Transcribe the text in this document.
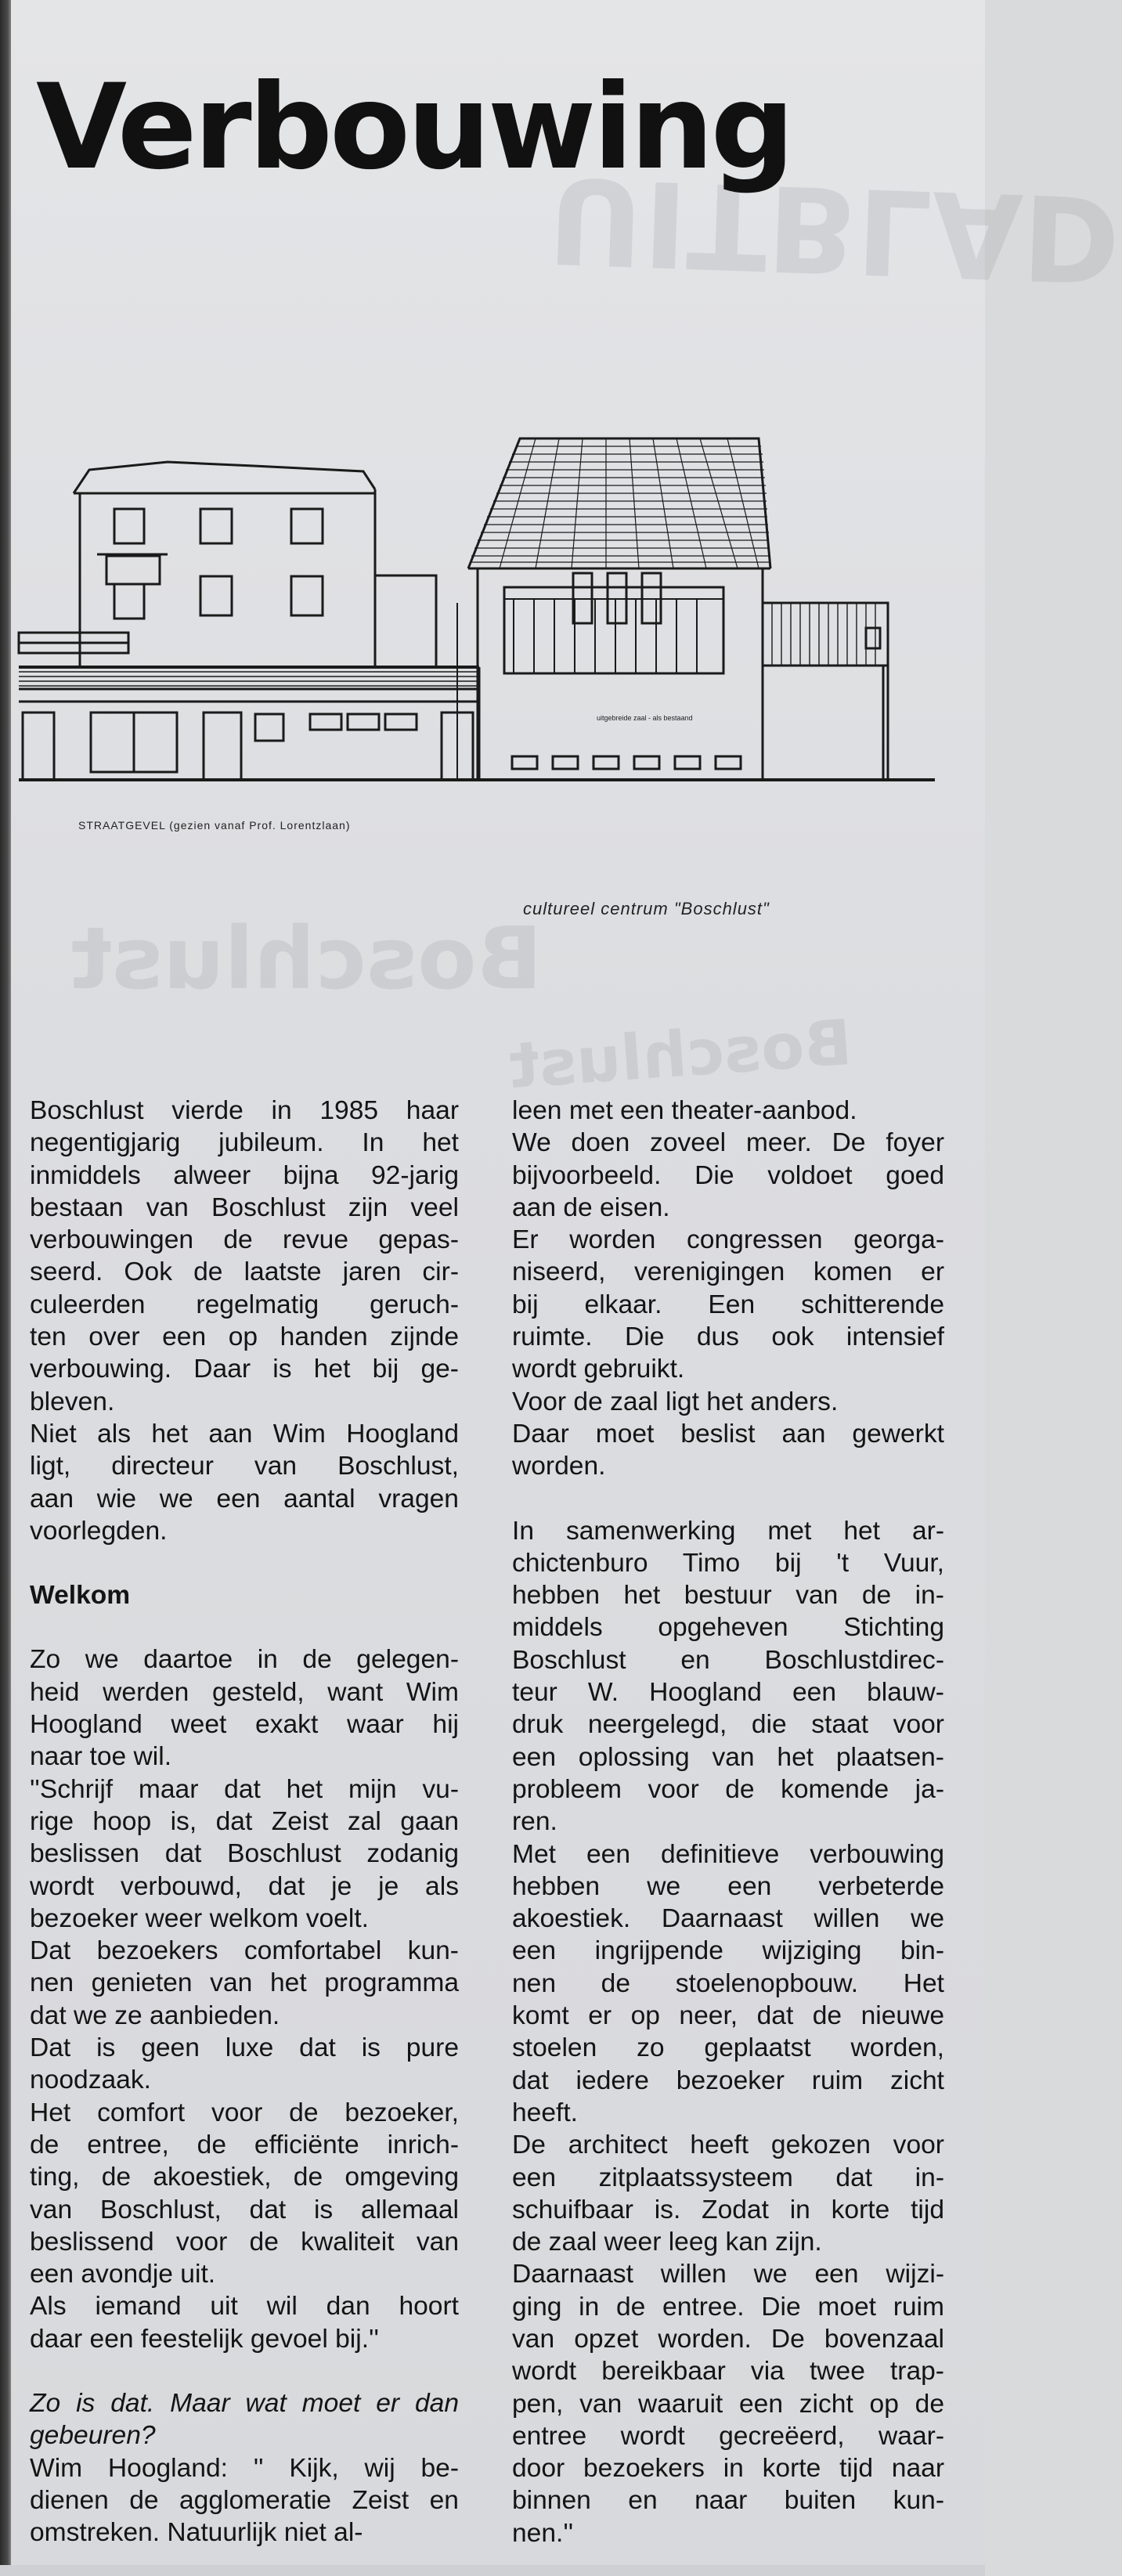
Verbouwing
uitgebreide zaal - als bestaand
STRAATGEVEL (gezien vanaf Prof. Lorentzlaan)
cultureel centrum "Boschlust"

Boschlust vierde in 1985 haar

negentigjarig jubileum. In het

inmiddels alweer bijna 92-jarig

bestaan van Boschlust zijn veel

verbouwingen de revue gepas-

seerd. Ook de laatste jaren cir-

culeerden regelmatig geruch-

ten over een op handen zijnde

verbouwing. Daar is het bij ge-

bleven.

Niet als het aan Wim Hoogland

ligt, directeur van Boschlust,

aan wie we een aantal vragen

voorlegden.

Welkom

Zo we daartoe in de gelegen-

heid werden gesteld, want Wim

Hoogland weet exakt waar hij

naar toe wil.

''Schrijf maar dat het mijn vu-

rige hoop is, dat Zeist zal gaan

beslissen dat Boschlust zodanig

wordt verbouwd, dat je je als

bezoeker weer welkom voelt.

Dat bezoekers comfortabel kun-

nen genieten van het programma

dat we ze aanbieden.

Dat is geen luxe dat is pure

noodzaak.

Het comfort voor de bezoeker,

de entree, de efficiënte inrich-

ting, de akoestiek, de omgeving

van Boschlust, dat is allemaal

beslissend voor de kwaliteit van

een avondje uit.

Als iemand uit wil dan hoort

daar een feestelijk gevoel bij.''

Zo is dat. Maar wat moet er dan

gebeuren?

Wim Hoogland: '' Kijk, wij be-

dienen de agglomeratie Zeist en

omstreken. Natuurlijk niet al-

leen met een theater-aanbod.

We doen zoveel meer. De foyer

bijvoorbeeld. Die voldoet goed

aan de eisen.

Er worden congressen georga-

niseerd, verenigingen komen er

bij elkaar. Een schitterende

ruimte. Die dus ook intensief

wordt gebruikt.

Voor de zaal ligt het anders.

Daar moet beslist aan gewerkt

worden.

In samenwerking met het ar-

chictenburo Timo bij 't Vuur,

hebben het bestuur van de in-

middels opgeheven Stichting

Boschlust en Boschlustdirec-

teur W. Hoogland een blauw-

druk neergelegd, die staat voor

een oplossing van het plaatsen-

probleem voor de komende ja-

ren.

Met een definitieve verbouwing

hebben we een verbeterde

akoestiek. Daarnaast willen we

een ingrijpende wijziging bin-

nen de stoelenopbouw. Het

komt er op neer, dat de nieuwe

stoelen zo geplaatst worden,

dat iedere bezoeker ruim zicht

heeft.

De architect heeft gekozen voor

een zitplaatssysteem dat in-

schuifbaar is. Zodat in korte tijd

de zaal weer leeg kan zijn.

Daarnaast willen we een wijzi-

ging in de entree. Die moet ruim

van opzet worden. De bovenzaal

wordt bereikbaar via twee trap-

pen, van waaruit een zicht op de

entree wordt gecreëerd, waar-

door bezoekers in korte tijd naar

binnen en naar buiten kun-

nen.''
